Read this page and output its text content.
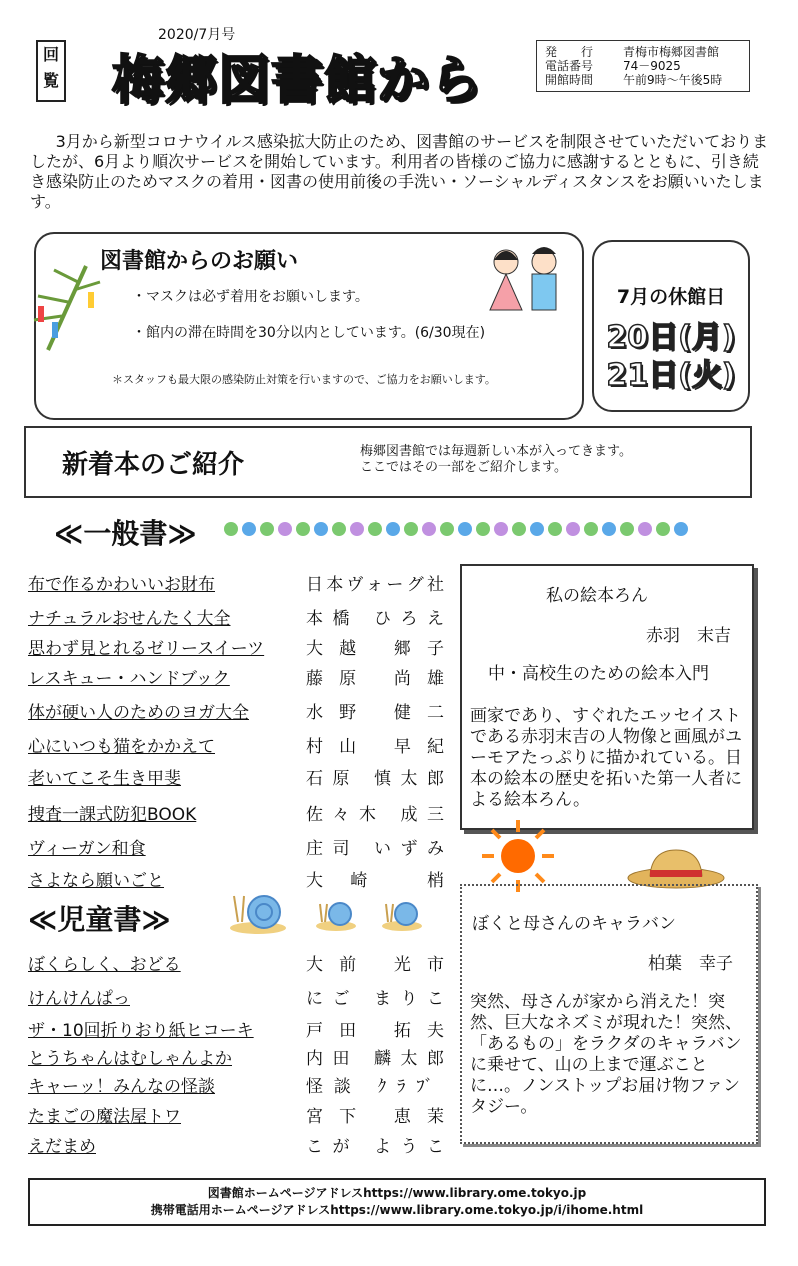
回覧
2020/7月号
梅郷図書館から	発　　行 青梅市梅郷図書館
電話番号 74－9025
開館時間 午前9時～午後5時
3月から新型コロナウイルス感染拡大防止のため、図書館のサービスを制限させていただいておりましたが、6月より順次サービスを開始しています。利用者の皆様のご協力に感謝するとともに、引き続き感染防止のためマスクの着用・図書の使用前後の手洗い・ソーシャルディスタンスをお願いいたします。
図書館からのお願い
・マスクは必ず着用をお願いします。
・館内の滞在時間を30分以内としています。(6/30現在)
＊スタッフも最大限の感染防止対策を行いますので、ご協力をお願いします。
7月の休館日
20日(月)
21日(火)
新着本のご紹介	梅郷図書館では毎週新しい本が入ってきます。
ここではその一部をご紹介します。
≪一般書≫
布で作るかわいいお財布	日本ヴォーグ社
ナチュラルおせんたく大全	本橋 ひろえ
思わず見とれるゼリースイーツ 大越 郷子
レスキュー・ハンドブック	藤原 尚雄
体が硬い人のためのヨガ大全	水野 健二
心にいつも猫をかかえて	村山 早紀
老いてこそ生き甲斐	石原 慎太郎
捜査一課式防犯BOOK	佐々木 成三
ヴィーガン和食	庄司 いずみ
さよなら願いごと	大崎 梢
≪児童書≫
ぼくらしく、おどる	大前 光市
けんけんぱっ	にご まりこ
ザ・10回折りおり紙ヒコーキ	戸田 拓夫
とうちゃんはむしゃんよか	内田 麟太郎
キャーッ！みんなの怪談	怪談 ｸﾗﾌﾞ
たまごの魔法屋トワ	宮下 恵茉
えだまめ	こが ようこ
私の絵本ろん
赤羽　末吉
中・高校生のための絵本入門
画家であり、すぐれたエッセイストである赤羽末吉の人物像と画風がユーモアたっぷりに描かれている。日本の絵本の歴史を拓いた第一人者による絵本ろん。
ぼくと母さんのキャラバン
柏葉　幸子
突然、母さんが家から消えた！突然、巨大なネズミが現れた！突然、「あるもの」をラクダのキャラバンに乗せて、山の上まで運ぶことに…。ノンストップお届け物ファンタジー。
図書館ホームページアドレスhttps://www.library.ome.tokyo.jp
携帯電話用ホームページアドレスhttps://www.library.ome.tokyo.jp/i/ihome.html
